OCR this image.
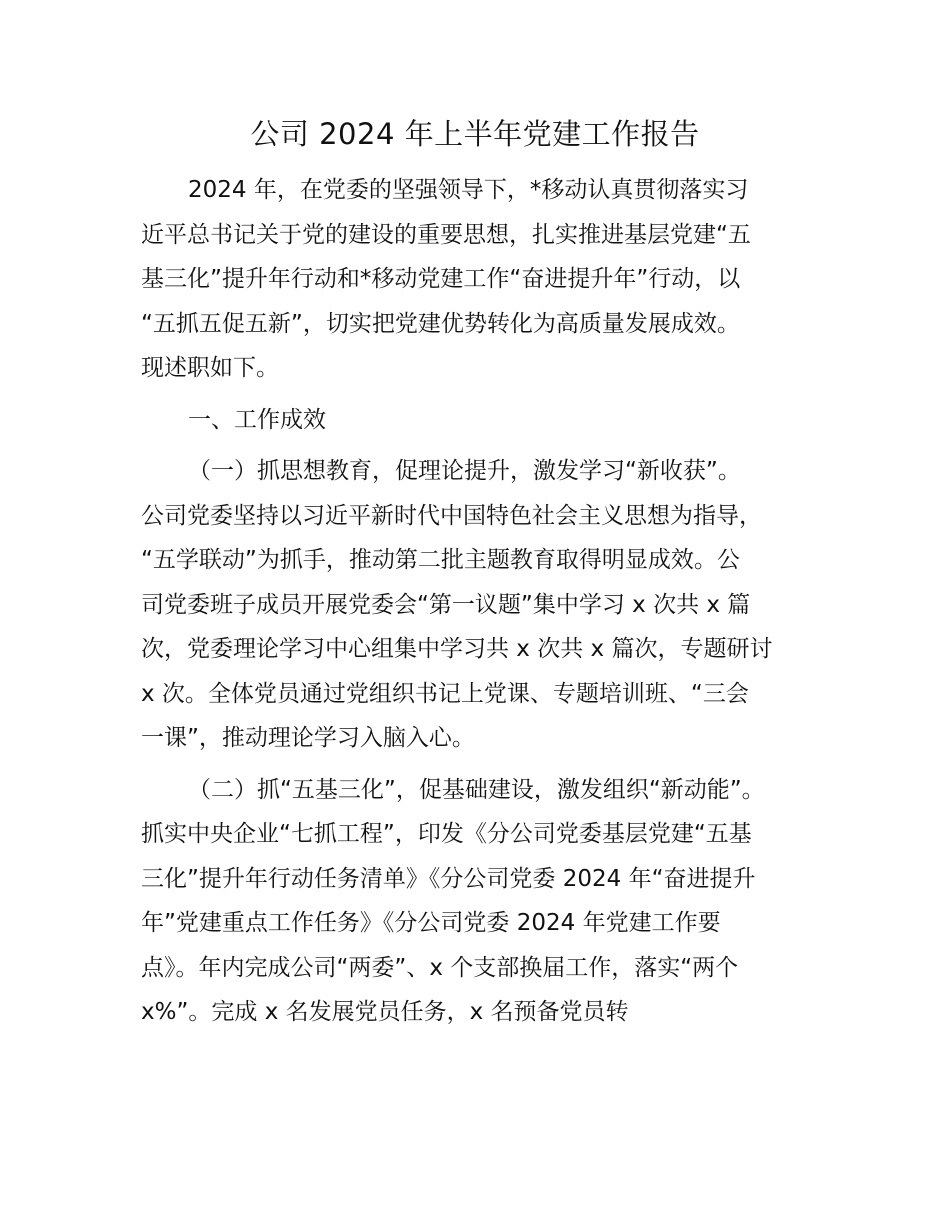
公司 2024 年上半年党建工作报告
2024 年，在党委的坚强领导下，*移动认真贯彻落实习
近平总书记关于党的建设的重要思想，扎实推进基层党建“五
基三化”提升年行动和*移动党建工作“奋进提升年”行动，以
“五抓五促五新”，切实把党建优势转化为高质量发展成效。
现述职如下。
一、工作成效
（一）抓思想教育，促理论提升，激发学习“新收获”。
公司党委坚持以习近平新时代中国特色社会主义思想为指导，
“五学联动”为抓手，推动第二批主题教育取得明显成效。公
司党委班子成员开展党委会“第一议题”集中学习 x 次共 x 篇
次，党委理论学习中心组集中学习共 x 次共 x 篇次，专题研讨
x 次。全体党员通过党组织书记上党课、专题培训班、“三会
一课”，推动理论学习入脑入心。
（二）抓“五基三化”，促基础建设，激发组织“新动能”。
抓实中央企业“七抓工程”，印发《分公司党委基层党建“五基
三化”提升年行动任务清单》《分公司党委 2024 年“奋进提升
年”党建重点工作任务》《分公司党委 2024 年党建工作要
点》。年内完成公司“两委”、x 个支部换届工作，落实“两个
x%”。完成 x 名发展党员任务，x 名预备党员转
